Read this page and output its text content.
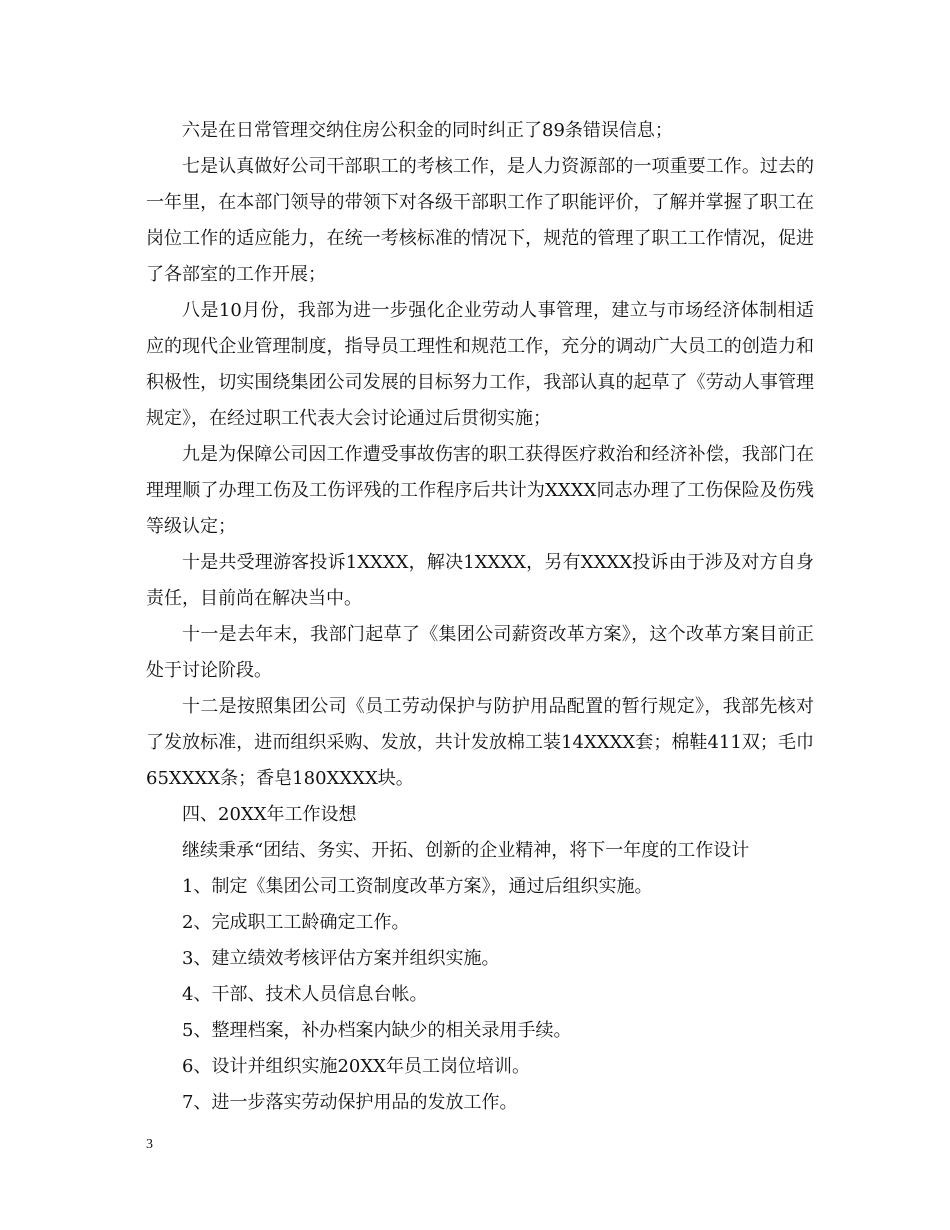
六是在日常管理交纳住房公积金的同时纠正了89条错误信息；

七是认真做好公司干部职工的考核工作，是人力资源部的一项重要工作。过去的一年里，在本部门领导的带领下对各级干部职工作了职能评价，了解并掌握了职工在岗位工作的适应能力，在统一考核标准的情况下，规范的管理了职工工作情况，促进了各部室的工作开展；

八是10月份，我部为进一步强化企业劳动人事管理，建立与市场经济体制相适应的现代企业管理制度，指导员工理性和规范工作，充分的调动广大员工的创造力和积极性，切实围绕集团公司发展的目标努力工作，我部认真的起草了《劳动人事管理规定》，在经过职工代表大会讨论通过后贯彻实施；

九是为保障公司因工作遭受事故伤害的职工获得医疗救治和经济补偿，我部门在理理顺了办理工伤及工伤评残的工作程序后共计为XXXX同志办理了工伤保险及伤残等级认定；

十是共受理游客投诉1XXXX，解决1XXXX，另有XXXX投诉由于涉及对方自身责任，目前尚在解决当中。

十一是去年末，我部门起草了《集团公司薪资改革方案》，这个改革方案目前正处于讨论阶段。

十二是按照集团公司《员工劳动保护与防护用品配置的暂行规定》，我部先核对了发放标准，进而组织采购、发放，共计发放棉工装14XXXX套；棉鞋411双；毛巾65XXXX条；香皂180XXXX块。

四、20XX年工作设想

继续秉承“团结、务实、开拓、创新的企业精神，将下一年度的工作设计

1、制定《集团公司工资制度改革方案》，通过后组织实施。

2、完成职工工龄确定工作。

3、建立绩效考核评估方案并组织实施。

4、干部、技术人员信息台帐。

5、整理档案，补办档案内缺少的相关录用手续。

6、设计并组织实施20XX年员工岗位培训。

7、进一步落实劳动保护用品的发放工作。

3
